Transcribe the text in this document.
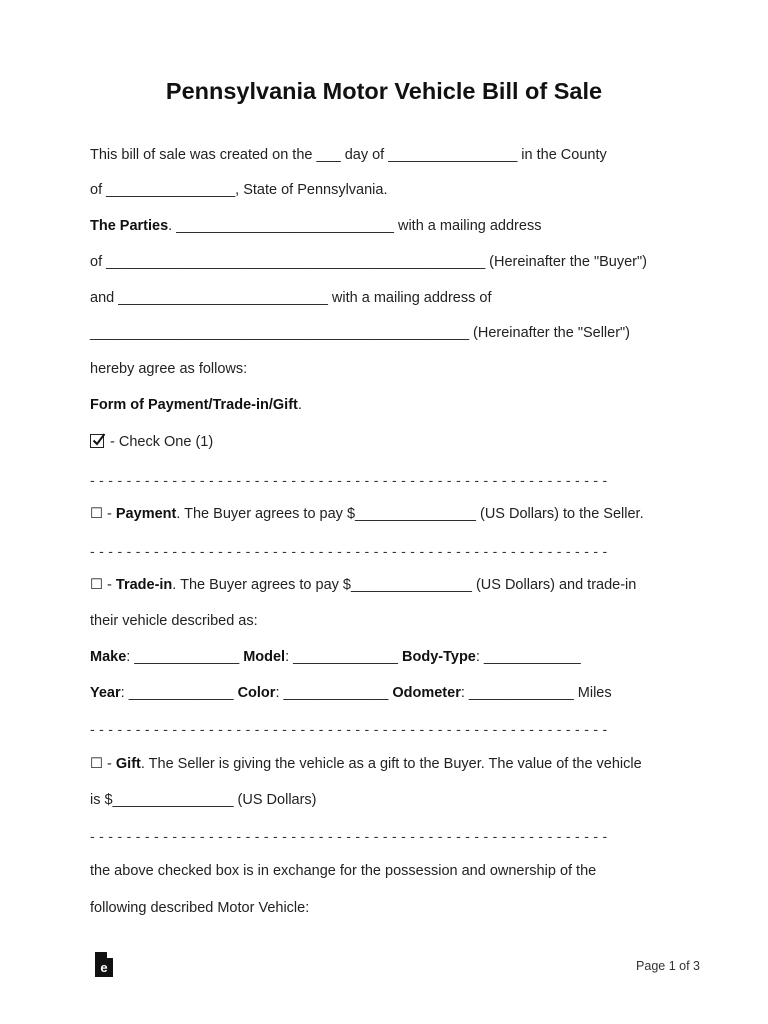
Pennsylvania Motor Vehicle Bill of Sale
This bill of sale was created on the ___ day of ________________ in the County
of ________________, State of Pennsylvania.
The Parties. ___________________________ with a mailing address
of _______________________________________________ (Hereinafter the "Buyer")
and __________________________ with a mailing address of
_______________________________________________ (Hereinafter the "Seller")
hereby agree as follows:
Form of Payment/Trade-in/Gift.
- Check One (1)
- - - - - - - - - - - - - - - - - - - - - - - - - - - - - - - - - - - - - - - - - - - - - - - - - - - - - - - - -
☐ - Payment. The Buyer agrees to pay $_______________ (US Dollars) to the Seller.
- - - - - - - - - - - - - - - - - - - - - - - - - - - - - - - - - - - - - - - - - - - - - - - - - - - - - - - - -
☐ - Trade-in. The Buyer agrees to pay $_______________ (US Dollars) and trade-in
their vehicle described as:
Make: _____________ Model: _____________ Body-Type: ____________
Year: _____________ Color: _____________ Odometer: _____________ Miles
- - - - - - - - - - - - - - - - - - - - - - - - - - - - - - - - - - - - - - - - - - - - - - - - - - - - - - - - -
☐ - Gift. The Seller is giving the vehicle as a gift to the Buyer. The value of the vehicle
is $_______________ (US Dollars)
- - - - - - - - - - - - - - - - - - - - - - - - - - - - - - - - - - - - - - - - - - - - - - - - - - - - - - - - -
the above checked box is in exchange for the possession and ownership of the
following described Motor Vehicle:
e	Page 1 of 3
